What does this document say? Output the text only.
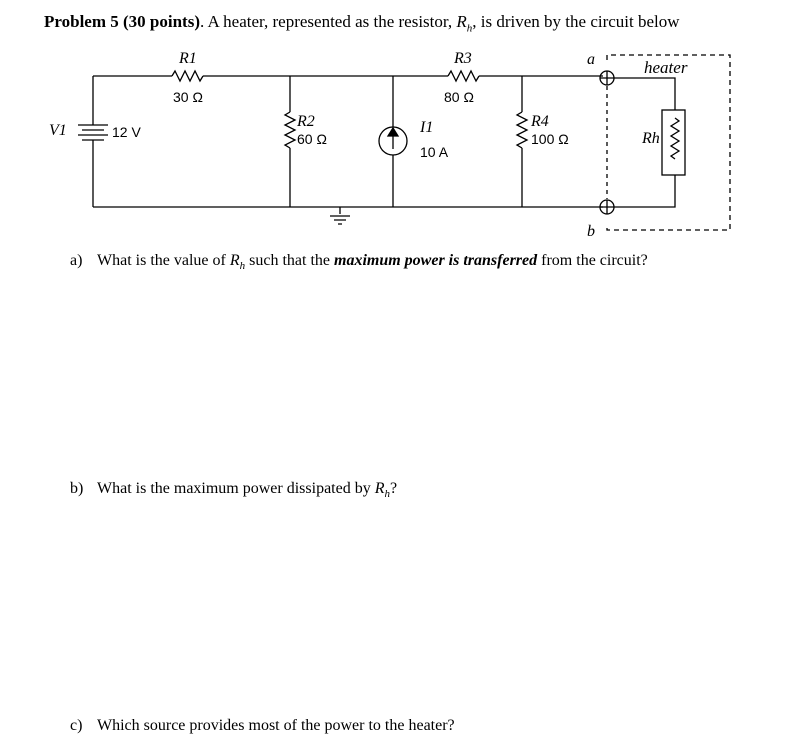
Problem 5 (30 points). A heater, represented as the resistor, $R_h$, is driven by the circuit below
V1	12 V
R1
30 Ω
R3
80 Ω
R2
60 Ω
I1
10 A
R4
100 Ω	Rh
heater
a
b
a) What is the value of $R_h$ such that the maximum power is transferred from the circuit?
b) What is the maximum power dissipated by $R_h$?
c) Which source provides most of the power to the heater?
